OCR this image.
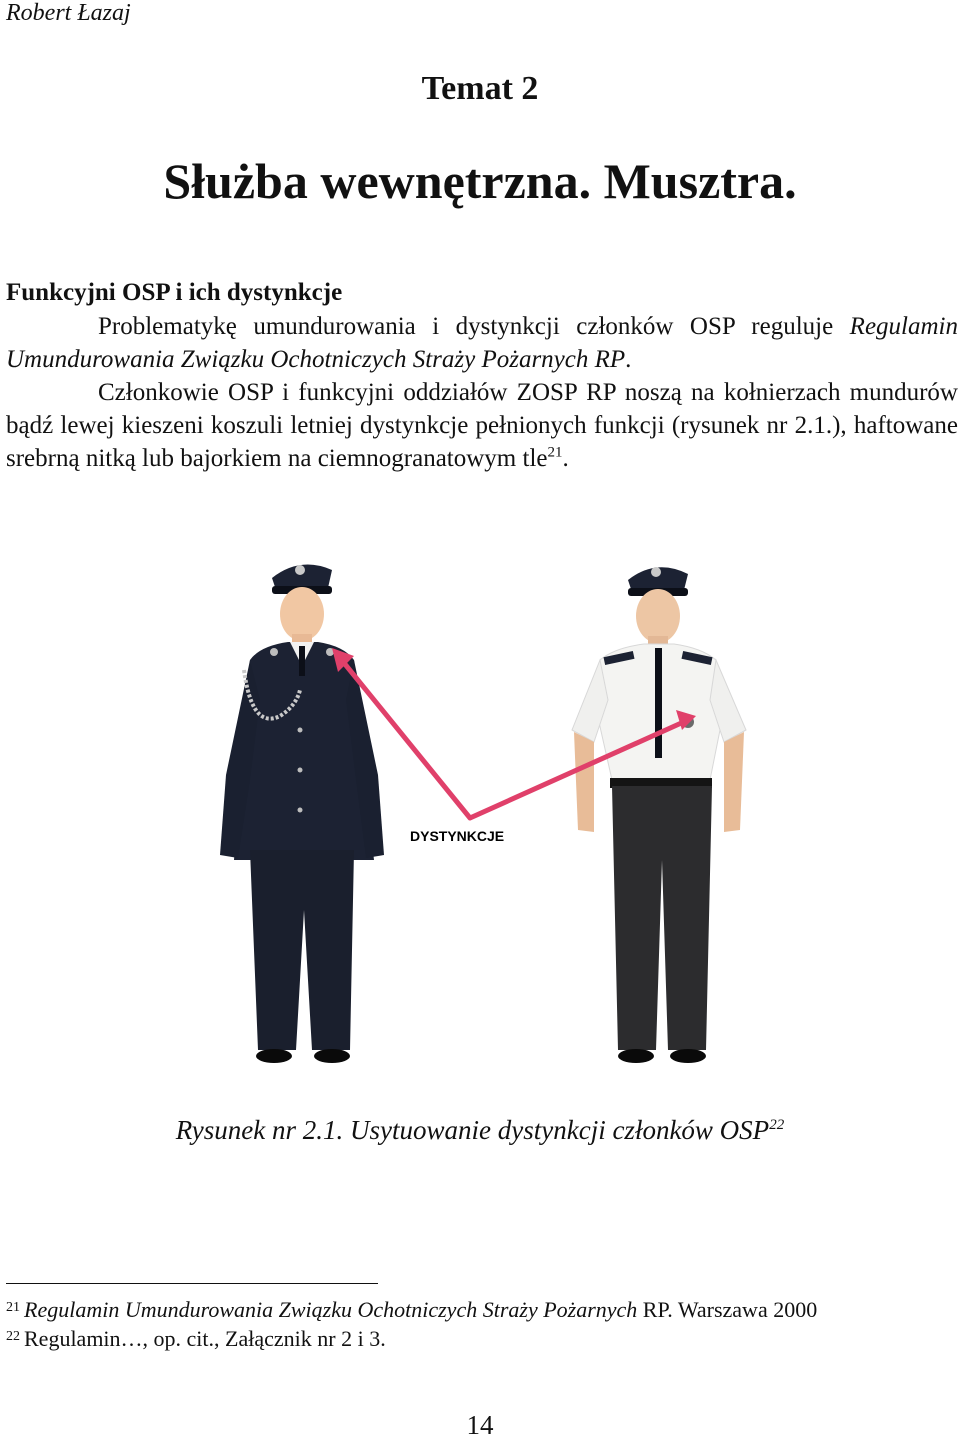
Robert Łazaj
Temat 2
Służba wewnętrzna. Musztra.
Funkcyjni OSP i ich dystynkcje
Problematykę umundurowania i dystynkcji członków OSP reguluje Regulamin Umundurowania Związku Ochotniczych Straży Pożarnych RP.
Członkowie OSP i funkcyjni oddziałów ZOSP RP noszą na kołnierzach mundurów bądź lewej kieszeni koszuli letniej dystynkcje pełnionych funkcji (rysunek nr 2.1.), haftowane srebrną nitką lub bajorkiem na ciemnogranatowym tle$^{21}$.
DYSTYNKCJE
Rysunek nr 2.1. Usytuowanie dystynkcji członków OSP$^{22}$
$^{21}$ Regulamin Umundurowania Związku Ochotniczych Straży Pożarnych RP. Warszawa 2000
$^{22}$ Regulamin…, op. cit., Załącznik nr 2 i 3.
14
